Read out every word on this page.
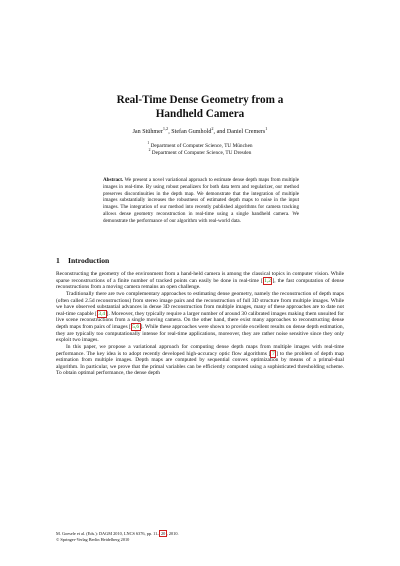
Real-Time Dense Geometry from a
Handheld Camera
Jan Stühmer$^{1,2}$, Stefan Gumhold$^2$, and Daniel Cremers$^1$
$^1$ Department of Computer Science, TU München
$^2$ Department of Computer Science, TU Dresden
Abstract. We present a novel variational approach to estimate dense depth maps from multiple images in real-time. By using robust penalizers for both data term and regularizer, our method preserves discontinuities in the depth map. We demonstrate that the integration of multiple images substantially increases the robustness of estimated depth maps to noise in the input images. The integration of our method into recently published algorithms for camera tracking allows dense geometry reconstruction in real-time using a single handheld camera. We demonstrate the performance of our algorithm with real-world data.
1 Introduction

Reconstructing the geometry of the environment from a hand-held camera is among the classical topics in computer vision. While sparse reconstructions of a finite number of tracked points can easily be done in real-time [ 1,2 ], the fast computation of dense reconstructions from a moving camera remains an open challenge.

Traditionally there are two complementary approaches to estimating dense geometry, namely the reconstruction of depth maps (often called 2.5d reconstructions) from stereo image pairs and the reconstruction of full 3D structure from multiple images. While we have observed substantial advances in dense 3D reconstruction from multiple images, many of these approaches are to date not real-time capable [ 3,4 ]. Moreover, they typically require a larger number of around 30 calibrated images making them unsuited for live scene reconstructions from a single moving camera. On the other hand, there exist many approaches to reconstructing dense depth maps from pairs of images [ 5,6 ]. While these approaches were shown to provide excellent results on dense depth estimation, they are typically too computationally intense for real-time applications, moreover, they are rather noise sensitive since they only exploit two images.

In this paper, we propose a variational approach for computing dense depth maps from multiple images with real-time performance. The key idea is to adopt recently developed high-accuracy optic flow algorithms [ 7 ] to the problem of depth map estimation from multiple images. Depth maps are computed by sequential convex optimization by means of a primal-dual algorithm. In particular, we prove that the primal variables can be efficiently computed using a sophisticated thresholding scheme. To obtain optimal performance, the dense depth

M. Goesele et al. (Eds.): DAGM 2010, LNCS 6376, pp. 11– 20 , 2010.
© Springer-Verlag Berlin Heidelberg 2010
